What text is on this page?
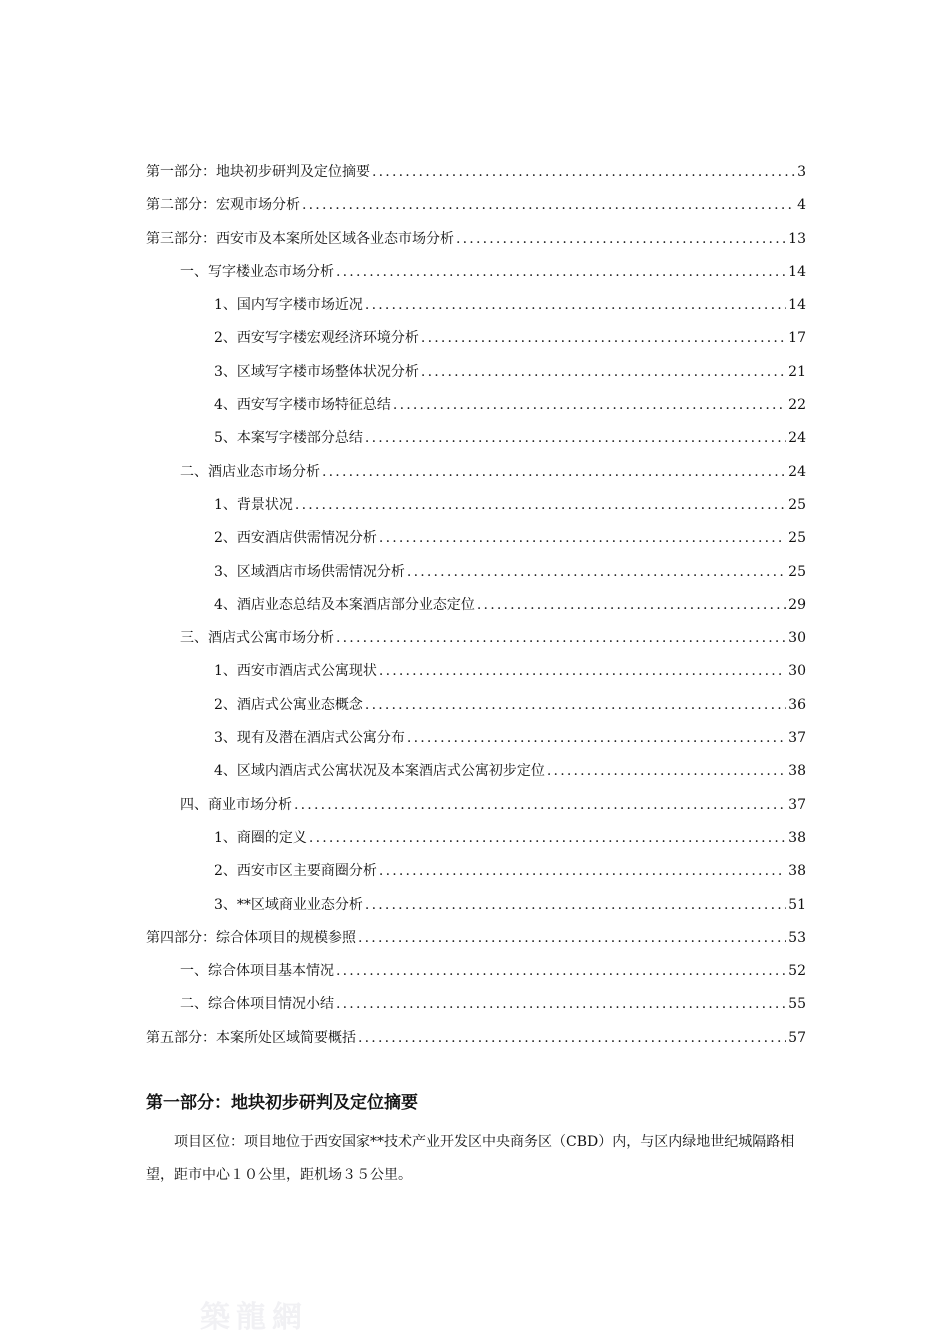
第一部分：地块初步研判及定位摘要 .....	3
第二部分：宏观市场分析 .....	4
第三部分：西安市及本案所处区域各业态市场分析 .....	13
一、 写字楼业态市场分析 .....	14
1、国内写字楼市场近况 .....	14
2、西安写字楼宏观经济环境分析 .....	17
3、区域写字楼市场整体状况分析 .....	21
4、西安写字楼市场特征总结 .....	22
5、本案写字楼部分总结 .....	24
二、 酒店业态市场分析 .....	24
1、背景状况 .....	25
2、西安酒店供需情况分析 .....	25
3、区域酒店市场供需情况分析 .....	25
4、酒店业态总结及本案酒店部分业态定位 .....	29
三、 酒店式公寓市场分析 .....	30
1、西安市酒店式公寓现状 .....	30
2、酒店式公寓业态概念 .....	36
3、现有及潜在酒店式公寓分布 .....	37
4、区域内酒店式公寓状况及本案酒店式公寓初步定位 .....	38
四、 商业市场分析 .....	37
1、商圈的定义 .....	38
2、西安市区主要商圈分析 .....	38
3、**区域商业业态分析 .....	51
第四部分：综合体项目的规模参照 .....	53
一、 综合体项目基本情况 .....	52
二、 综合体项目情况小结 .....	55
第五部分：本案所处区域简要概括 .....	57
第一部分：地块初步研判及定位摘要

项目区位：项目地位于西安国家**技术产业开发区中央商务区（CBD）内，与区内绿地世纪城隔路相望，距市中心１０公里，距机场３５公里。

築龍網
